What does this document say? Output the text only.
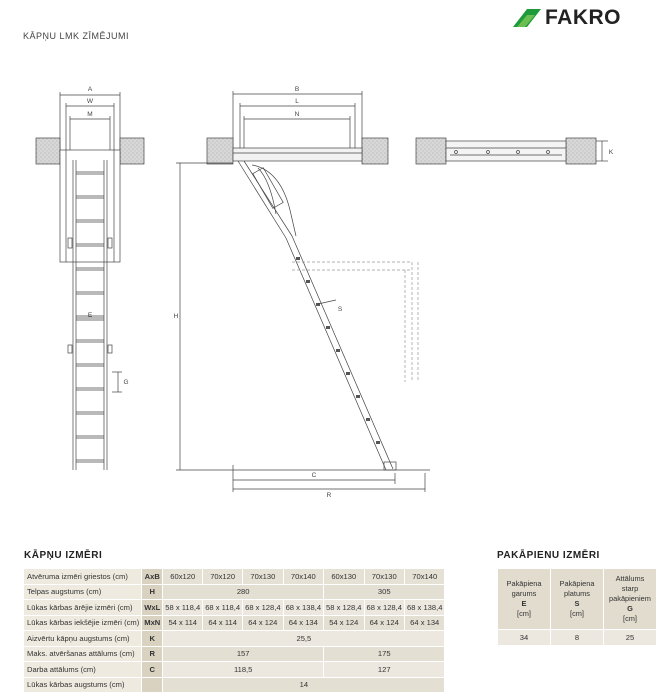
FAKRO
KĀPŅU LMK ZĪMĒJUMI
A
W
M
B
L
N
K
H
S
E
G
C
R
KĀPŅU IZMĒRI
Atvēruma izmēri griestos (cm)	AxB	60x120	70x120	70x130	70x140	60x130	70x130	70x140
Telpas augstums (cm)	H	280				305		
Lūkas kārbas ārējie izmēri (cm)	WxL	58 x 118,4	68 x 118,4	68 x 128,4	68 x 138,4	58 x 128,4	68 x 128,4	68 x 138,4
Lūkas kārbas iekšējie izmēri (cm)	MxN	54 x 114	64 x 114	64 x 124	64 x 134	54 x 124	64 x 124	64 x 134
Aizvērtu kāpņu augstums (cm)	K	25,5						
Maks. atvēršanas attālums (cm)	R	157				175		
Darba attālums (cm)	C	118,5				127		
Lūkas kārbas augstums (cm)		14						
PAKĀPIENU IZMĒRI
Pakāpiena
garums
E
[cm]	Pakāpiena
platums
S
[cm]	Attālums
starp
pakāpieniem
G
[cm]
34	8	25
